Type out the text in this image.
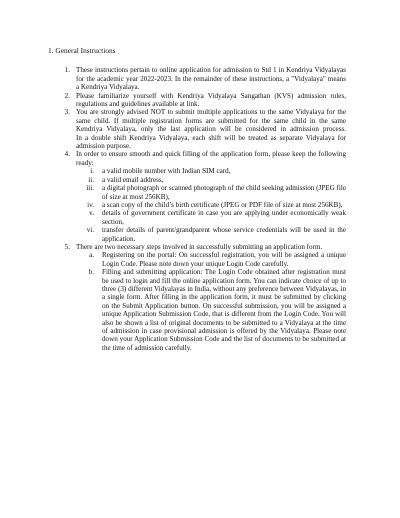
1. General Instructions
1. These instructions pertain to online application for admission to Std 1 in Kendriya Vidyalayas for the academic year 2022-2023. In the remainder of these instructions, a "Vidyalaya" means a Kendriya Vidyalaya.

2. Please familiarize yourself with Kendriya Vidyalaya Sangathan (KVS) admission rules, regulations and guidelines available at link.

3. You are strongly advised NOT to submit multiple applications to the same Vidyalaya for the same child. If multiple registration forms are submitted for the same child in the same Kendriya Vidyalaya, only the last application will be considered in admission process.

In a double shift Kendriya Vidyalaya, each shift will be treated as separate Vidyalaya for admission purpose.

4. In order to ensure smooth and quick filling of the application form, please keep the following ready:

i.	a valid mobile number with Indian SIM card,
ii.	a valid email address,
iii.	a digital photograph or scanned photograph of the child seeking admission (JPEG file of size at most 256KB),
iv.	a scan copy of the child’s birth certificate (JPEG or PDF file of size at most 256KB),
v.	details of government certificate in case you are applying under economically weak section,
vi.	transfer details of parent/grandparent whose service credentials will be used in the application.
5. There are two necessary steps involved in successfully submitting an application form.

a.	Registering on the portal: On successful registration, you will be assigned a unique Login Code. Please note down your unique Login Code carefully.
b.	Filling and submitting application: The Login Code obtained after registration must be used to login and fill the online application form. You can indicate choice of up to three (3) different Vidyalayas in India, without any preference between Vidyalayas, in a single form. After filling in the application form, it must be submitted by clicking on the Submit Application button. On successful submission, you will be assigned a unique Application Submission Code, that is different from the Login Code. You will also be shown a list of original documents to be submitted to a Vidyalaya at the time of admission in case provisional admission is offered by the Vidyalaya. Please note down your Application Submission Code and the list of documents to be submitted at the time of admission carefully.
